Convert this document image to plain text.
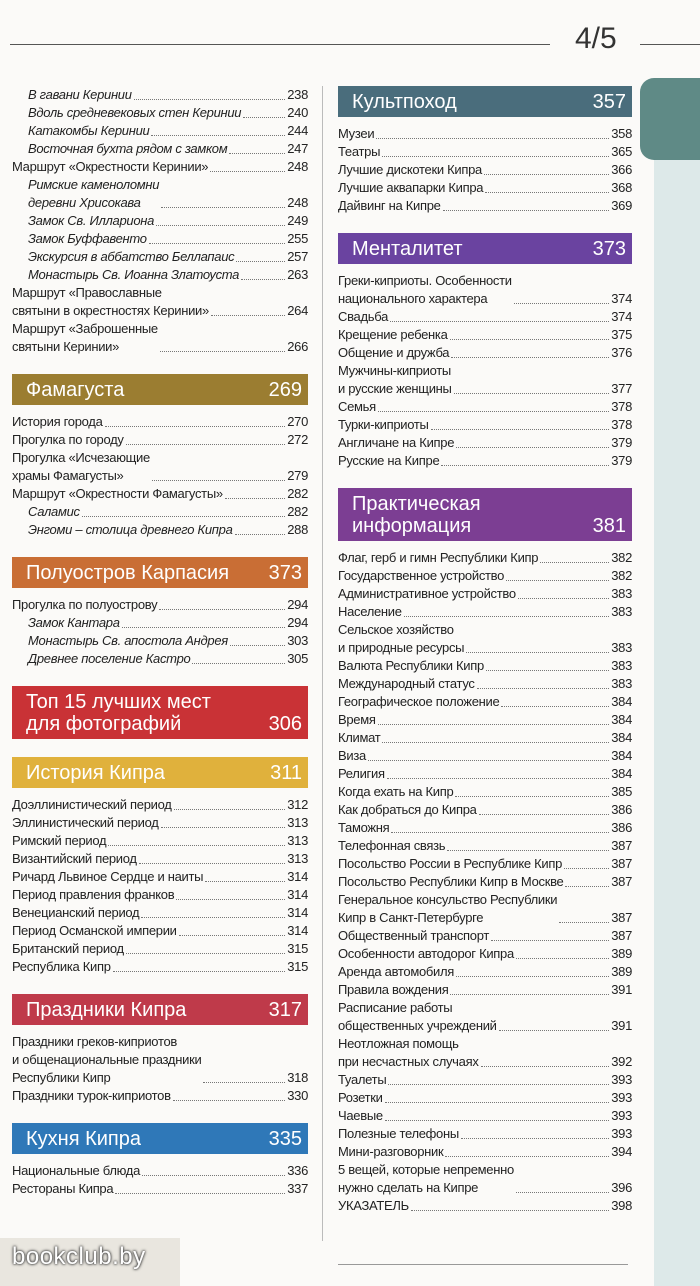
4/5
В гавани Керинии	238
Вдоль средневековых стен Керинии	240
Катакомбы Керинии	244
Восточная бухта рядом с замком	247
Маршрут «Окрестности Керинии»	248
Римские каменоломни
деревни Хрисокава	248
Замок Св. Иллариона	249
Замок Буффавенто	255
Экскурсия в аббатство Беллапаис	257
Монастырь Св. Иоанна Златоуста	263
Маршрут «Православные
святыни в окрестностях Керинии»	264
Маршрут «Заброшенные
святыни Керинии»	266
Фамагуста	269
История города	270
Прогулка по городу	272
Прогулка «Исчезающие
храмы Фамагусты»	279
Маршрут «Окрестности Фамагусты»	282
Саламис	282
Энгоми – столица древнего Кипра	288
Полуостров Карпасия 373
Прогулка по полуострову	294
Замок Кантара	294
Монастырь Св. апостола Андрея	303
Древнее поселение Кастро	305
Топ 15 лучших мест
для фотографий	306
История Кипра	311
Доэллинистический период	312
Эллинистический период	313
Римский период	313
Византийский период	313
Ричард Львиное Сердце и наиты	314
Период правления франков	314
Венецианский период	314
Период Османской империи	314
Британский период	315
Республика Кипр	315
Праздники Кипра	317
Праздники греков-киприотов
и общенациональные праздники
Республики Кипр	318
Праздники турок-киприотов	330
Кухня Кипра	335
Национальные блюда	336
Рестораны Кипра	337
Культпоход	357
Музеи	358
Театры	365
Лучшие дискотеки Кипра	366
Лучшие аквапарки Кипра	368
Дайвинг на Кипре	369
Менталитет	373
Греки-киприоты. Особенности
национального характера	374
Свадьба	374
Крещение ребенка	375
Общение и дружба	376
Мужчины-киприоты
и русские женщины	377
Семья	378
Турки-киприоты	378
Англичане на Кипре	379
Русские на Кипре	379
Практическая
информация	381
Флаг, герб и гимн Республики Кипр	382
Государственное устройство	382
Административное устройство	383
Население	383
Сельское хозяйство
и природные ресурсы	383
Валюта Республики Кипр	383
Международный статус	383
Географическое положение	384
Время	384
Климат	384
Виза	384
Религия	384
Когда ехать на Кипр	385
Как добраться до Кипра	386
Таможня	386
Телефонная связь	387
Посольство России в Республике Кипр	387
Посольство Республики Кипр в Москве	387
Генеральное консульство Республики
Кипр в Санкт-Петербурге	387
Общественный транспорт	387
Особенности автодорог Кипра	389
Аренда автомобиля	389
Правила вождения	391
Расписание работы
общественных учреждений	391
Неотложная помощь
при несчастных случаях	392
Туалеты	393
Розетки	393
Чаевые	393
Полезные телефоны	393
Мини-разговорник	394
5 вещей, которые непременно
нужно сделать на Кипре	396
УКАЗАТЕЛЬ	398
bookclub.by
